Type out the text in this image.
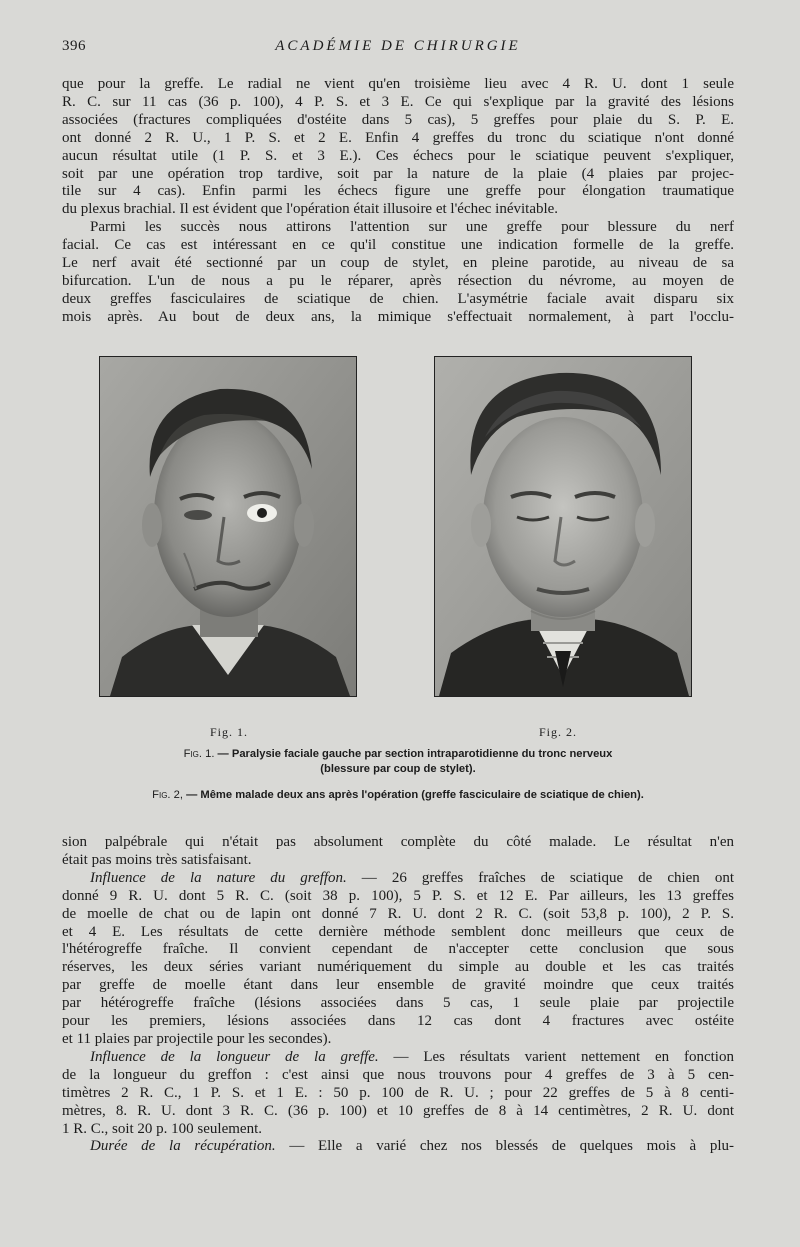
396	ACADÉMIE DE CHIRURGIE
que pour la greffe. Le radial ne vient qu'en troisième lieu avec 4 R. U. dont 1 seule
R. C. sur 11 cas (36 p. 100), 4 P. S. et 3 E. Ce qui s'explique par la gravité des lésions
associées (fractures compliquées d'ostéite dans 5 cas), 5 greffes pour plaie du S. P. E.
ont donné 2 R. U., 1 P. S. et 2 E. Enfin 4 greffes du tronc du sciatique n'ont donné
aucun résultat utile (1 P. S. et 3 E.). Ces échecs pour le sciatique peuvent s'expliquer,
soit par une opération trop tardive, soit par la nature de la plaie (4 plaies par projec-
tile sur 4 cas). Enfin parmi les échecs figure une greffe pour élongation traumatique
du plexus brachial. Il est évident que l'opération était illusoire et l'échec inévitable.
Parmi les succès nous attirons l'attention sur une greffe pour blessure du nerf
facial. Ce cas est intéressant en ce qu'il constitue une indication formelle de la greffe.
Le nerf avait été sectionné par un coup de stylet, en pleine parotide, au niveau de sa
bifurcation. L'un de nous a pu le réparer, après résection du névrome, au moyen de
deux greffes fasciculaires de sciatique de chien. L'asymétrie faciale avait disparu six
mois après. Au bout de deux ans, la mimique s'effectuait normalement, à part l'occlu-
Fig. 1.	Fig. 2.
Fig. 1. — Paralysie faciale gauche par section intraparotidienne du tronc nerveux
(blessure par coup de stylet).
Fig. 2, — Même malade deux ans après l'opération (greffe fasciculaire de sciatique de chien).
sion palpébrale qui n'était pas absolument complète du côté malade. Le résultat n'en
était pas moins très satisfaisant.
Influence de la nature du greffon. — 26 greffes fraîches de sciatique de chien ont
donné 9 R. U. dont 5 R. C. (soit 38 p. 100), 5 P. S. et 12 E. Par ailleurs, les 13 greffes
de moelle de chat ou de lapin ont donné 7 R. U. dont 2 R. C. (soit 53,8 p. 100), 2 P. S.
et 4 E. Les résultats de cette dernière méthode semblent donc meilleurs que ceux de
l'hétérogreffe fraîche. Il convient cependant de n'accepter cette conclusion que sous
réserves, les deux séries variant numériquement du simple au double et les cas traités
par greffe de moelle étant dans leur ensemble de gravité moindre que ceux traités
par hétérogreffe fraîche (lésions associées dans 5 cas, 1 seule plaie par projectile
pour les premiers, lésions associées dans 12 cas dont 4 fractures avec ostéite
et 11 plaies par projectile pour les secondes).
Influence de la longueur de la greffe. — Les résultats varient nettement en fonction
de la longueur du greffon : c'est ainsi que nous trouvons pour 4 greffes de 3 à 5 cen-
timètres 2 R. C., 1 P. S. et 1 E. : 50 p. 100 de R. U. ; pour 22 greffes de 5 à 8 centi-
mètres, 8. R. U. dont 3 R. C. (36 p. 100) et 10 greffes de 8 à 14 centimètres, 2 R. U. dont
1 R. C., soit 20 p. 100 seulement.
Durée de la récupération. — Elle a varié chez nos blessés de quelques mois à plu-
